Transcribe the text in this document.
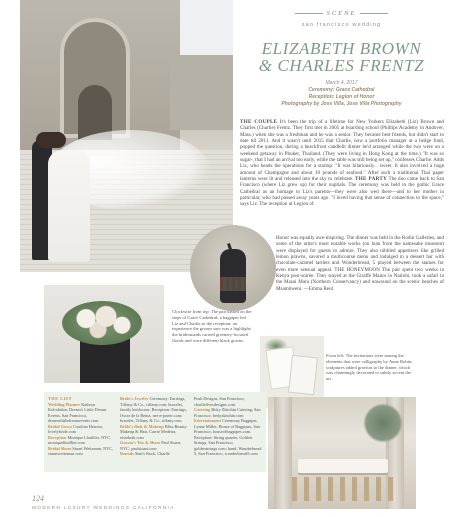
SCENE
san francisco wedding
ELIZABETH BROWN
& CHARLES FRENTZ
March 4, 2017
Ceremony: Grace Cathedral
Reception: Legion of Honor
Photography by Jose Villa, Jose Villa Photography
THE COUPLE It's been the trip of a lifetime for New Yorkers Elizabeth (Liz) Brown and Charles (Charlie) Frentz. They first met in 2005 at boarding school (Phillips Academy in Andover, Mass.) when she was a freshman and he was a senior. They became best friends, but didn't start to date till 2011. And it wasn't until 2015 that Charlie, now a portfolio manager at a hedge fund, popped the question, during a beachfront candlelit dinner he'd arranged while the two were on a weekend getaway in Phuket, Thailand. (They were living in Hong Kong at the time.) "It was so sugar-, that I had an arrival too early, while the table was still being set up," confesses Charlie. Adds Liz, who heads the operations for a startup: "It was hilariously... sweet. It also involved a huge amount of Champagne and about 10 pounds of seafood." After such a traditional Thai paper lanterns were lit and released into the sky to celebrate. THE PARTY The duo came back to San Francisco (where Liz grew up) for their nuptials. The ceremony was held in the gothic Grace Cathedral as an homage to Liz's parents—they were also wed there—and to her mother in particular, who had passed away years ago. "I loved having that sense of connection to the space," says Liz. The reception at Legion of
Honor was equally awe-inspiring. The dinner was held in the Rodin Galleries, and some of the artist's most notable works (on loan from the namesake museum) were displayed for guests to admire. They also nibbled appetizers like grilled lemon prawns, savored a multicourse menu and indulged in a dessert bar with chocolate-caramel tartlets and Wonderbread, 5 played between the statues for even more sensual appeal. THE HONEYMOON The pair spent two weeks in Kenya post-soirée. They stayed at the Giraffe Manor in Nairobi, took a safari in the Masai Mara (Northern Conservancy) and unwound on the scenic beaches of Msambweni. —Emma Reid
Clockwise from top: The pair kissed on the steps of Grace Cathedral; a bagpiper led Liz and Charlie to the reception; an experience the groom says was a highlight; the bridesmaids carried greenery-focused florals and wore different black gowns.
From left: The invitations were among the elements that were calligraphy by Anne Robin; sculptures added gravitas to the dinner, which was charmingly decorated to subtly accent the art.
THE LIST
Wedding Planner Kathryn Kolodsdon, Dream's Little Dream Events, San Francisco, dreamslittledreamevents.com
Bridal Gown Carolina Herrera, lovelybride.com
Reception Monique Lhuillier, NYC, moniquelhuillier.com
Bridal Shoes Stuart Weitzman, NYC, stuartweitzman.com
Bride's Jewelry Ceremony: Earrings, Tiffany & Co., tiffany.com; bracelet, family heirlooms. Reception: Earrings, Oscar de la Renta, net-a-porter.com; bracelet, Tiffany & Co., tiffany.com
Bride's Hair & Makeup Bliss Beauty Makeup & Hair, Carrie Medeira, elsiebeth.com
Groom's Tux & Shoes Paul Stuart, NYC, paulstuart.com
Rentals Stan's Rock, Charlie
Posh Designs, San Francisco, charlielivesdesigns.com
Catering Betty Zlatchin Catering, San Francisco, bettyzlatchin.com
Entertainment Ceremony Bagpiper, Lynne Miller, House of Bagpipes, San Francisco, houseofbagpipes.com. Reception: String quartet, Golden Strings, San Francisco, goldenstrings.com; band, Wonderbread 5, San Francisco, wonderbread5.com
124
MODERN LUXURY WEDDINGS CALIFORNIA
